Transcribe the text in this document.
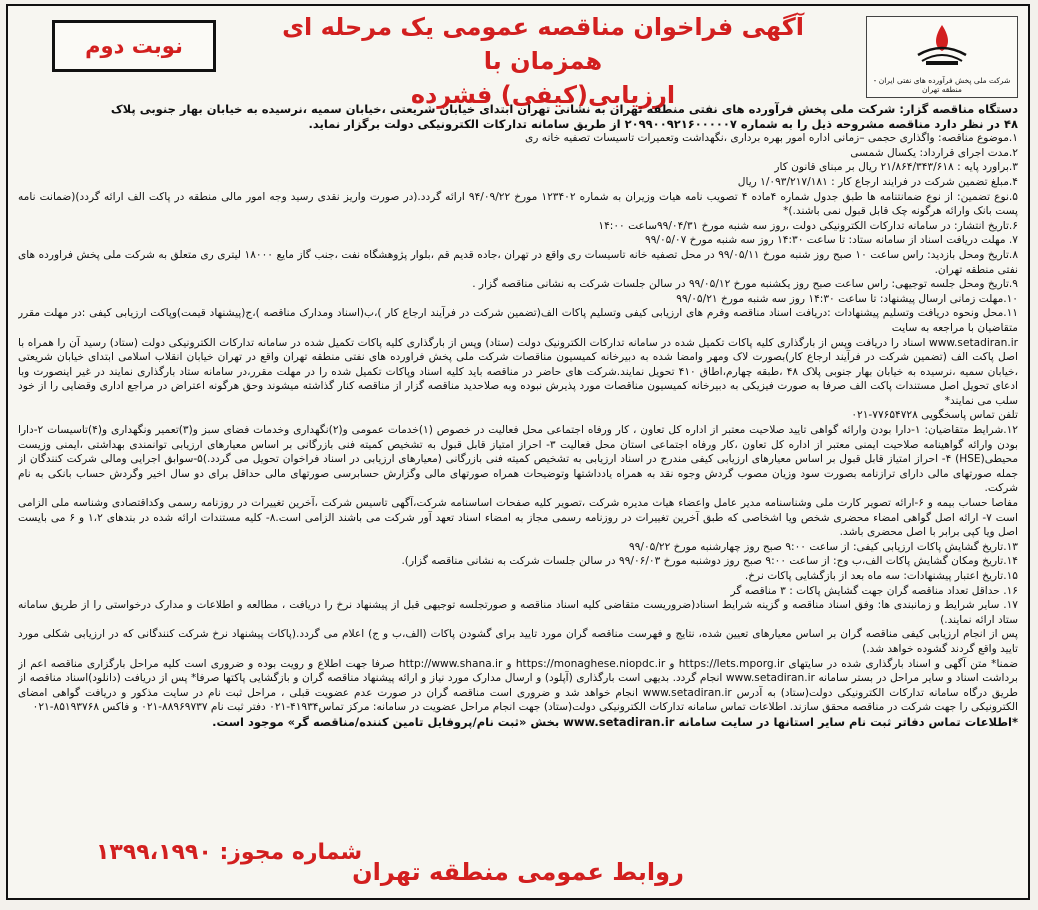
شرکت ملی پخش فرآورده های نفتی ایران - منطقه تهران
آگهی فراخوان مناقصه عمومی یک مرحله ای همزمان با
ارزیابی(کیفی) فشرده
نوبت دوم

دستگاه مناقصه گزار: شرکت ملی پخش فرآورده های نفتی منطقه تهران به نشانی تهران ابتدای خیابان شریعتی ،خیابان سمیه ،نرسیده به خیابان بهار جنوبی پلاک

۴۸ در نظر دارد مناقصه مشروحه ذیل را به شماره ۲۰۹۹۰۰۹۲۱۶۰۰۰۰۰۷ از طریق سامانه تدارکات الکترونیکی دولت برگزار نماید.

۱.موضوع مناقصه: واگذاری حجمی –زمانی اداره امور بهره برداری ،نگهداشت وتعمیرات تاسیسات تصفیه خانه ری

۲.مدت اجرای قرارداد: یکسال شمسی

۳.براورد پایه : ۲۱/۸۶۴/۳۴۳/۶۱۸ ریال بر مبنای قانون کار

۴.مبلغ تضمین شرکت در فرایند ارجاع کار : ۱/۰۹۳/۲۱۷/۱۸۱ ریال

۵.نوع تضمین: از نوع ضمانتنامه ها طبق جدول شماره ۴ماده ۴ تصویب نامه هیات وزیران به شماره ۱۲۳۴۰۲ مورخ ۹۴/۰۹/۲۲ ارائه گردد.(در صورت واریز نقدی رسید وجه امور مالی منطقه در پاکت الف ارائه گردد)(ضمانت نامه پست بانک وارائه هرگونه چک قابل قبول نمی باشند.)*

۶.تاریخ انتشار: در سامانه تدارکات الکترونیکی دولت ،روز سه شنبه مورخ ۹۹/۰۴/۳۱ساعت ۱۴:۰۰

۷. مهلت دریافت اسناد از سامانه ستاد: تا ساعت ۱۴:۳۰ روز سه شنبه مورخ ۹۹/۰۵/۰۷

۸.تاریخ ومحل بازدید: راس ساعت ۱۰ صبح روز شنبه مورخ ۹۹/۰۵/۱۱ در محل تصفیه خانه تاسیسات ری واقع در تهران ،جاده قدیم قم ،بلوار پژوهشگاه نفت ،جنب گاز مایع ۱۸۰۰۰ لیتری ری متعلق به شرکت ملی پخش فراورده های نفتی منطقه تهران.

۹.تاریخ ومحل جلسه توجیهی: راس ساعت صبح روز یکشنبه مورخ ۹۹/۰۵/۱۲ در سالن جلسات شرکت به نشانی مناقصه گزار .

۱۰.مهلت زمانی ارسال پیشنهاد: تا ساعت ۱۴:۳۰ روز سه شنبه مورخ ۹۹/۰۵/۲۱

۱۱.محل ونحوه دریافت وتسلیم پیشنهادات :دریافت اسناد مناقصه وفرم های ارزیابی کیفی وتسلیم پاکات الف(تضمین شرکت در فرآیند ارجاع کار )،ب(اسناد ومدارک مناقصه )،ج(پیشنهاد قیمت)وپاکت ارزیابی کیفی :در مهلت مقرر متقاضیان با مراجعه به سایت

www.setadiran.ir اسناد را دریافت وپس از بارگذاری کلیه پاکات تکمیل شده در سامانه تدارکات الکترونیک دولت (ستاد) وپس از بارگذاری کلیه پاکات تکمیل شده در سامانه تدارکات الکترونیکی دولت (ستاد) رسید آن را همراه با اصل پاکت الف (تضمین شرکت در فرآیند ارجاع کار)بصورت لاک ومهر وامضا شده به دبیرخانه کمیسیون مناقصات شرکت ملی پخش فراورده های نفتی منطقه تهران واقع در تهران خیابان انقلاب اسلامی ابتدای خیابان شریعتی ،خیابان سمیه ،نرسیده به خیابان بهار جنوبی پلاک ۴۸ ،طبقه چهارم،اطاق ۴۱۰ تحویل نمایند.شرکت های حاضر در مناقصه باید کلیه اسناد وپاکات تکمیل شده را در مهلت مقرر،در سامانه ستاد بارگذاری نمایند در غیر اینصورت وبا ادعای تحویل اصل مستندات پاکت الف صرفا به صورت فیزیکی به دبیرخانه کمیسیون مناقصات مورد پذیرش نبوده وبه صلاحدید مناقصه گزار از مناقصه کنار گذاشته میشوند وحق هرگونه اعتراض در مراجع اداری وقضایی را از خود سلب می نمایند*

تلفن تماس پاسخگویی ۷۷۶۵۴۷۲۸-۰۲۱

۱۲.شرایط متقاضیان: ۱-دارا بودن وارائه گواهی تایید صلاحیت معتبر از اداره کل تعاون ، کار ورفاه اجتماعی محل فعالیت در خصوص (۱)خدمات عمومی و(۲)نگهداری وخدمات فضای سبز و(۳)تعمیر ونگهداری و(۴)تاسیسات ۲-دارا بودن وارائه گواهینامه صلاحیت ایمنی معتبر از اداره کل تعاون ،کار ورفاه اجتماعی استان محل فعالیت ۳- احراز امتیاز قابل قبول به تشخیص کمیته فنی بازرگانی بر اساس معیارهای ارزیابی توانمندی بهداشتی ،ایمنی وزیست محیطی(HSE) ۴- احراز امتیاز قابل قبول بر اساس معیارهای ارزیابی کیفی مندرج در اسناد ارزیابی به تشخیص کمیته فنی بازرگانی (معیارهای ارزیابی در اسناد فراخوان تحویل می گردد.)۵-سوابق اجرایی ومالی شرکت کنندگان از جمله صورتهای مالی دارای ترازنامه بصورت سود وزیان مصوب گردش وجوه نقد به همراه یادداشتها وتوضیحات همراه صورتهای مالی وگزارش حسابرسی صورتهای مالی حداقل برای دو سال اخیر وگردش حساب بانکی به نام شرکت.

مفاصا حساب بیمه و ۶-ارائه تصویر کارت ملی وشناسنامه مدیر عامل واعضاء هیات مدیره شرکت ،تصویر کلیه صفحات اساسنامه شرکت،آگهی تاسیس شرکت ،آخرین تغییرات در روزنامه رسمی وکداقتصادی وشناسه ملی الزامی است ۷- ارائه اصل گواهی امضاء محضری شخص ویا اشخاصی که طبق آخرین تغییرات در روزنامه رسمی مجاز به امضاء اسناد تعهد آور شرکت می باشند الزامی است.۸- کلیه مستندات ارائه شده در بندهای ۱،۲ و ۶ می بایست اصل ویا کپی برابر با اصل محضری باشد.

۱۳.تاریخ گشایش پاکات ارزیابی کیفی: از ساعت ۹:۰۰ صبح روز چهارشنبه مورخ ۹۹/۰۵/۲۲

۱۴.تاریخ ومکان گشایش پاکات الف،ب وج: از ساعت ۹:۰۰ صبح روز دوشنبه مورخ ۹۹/۰۶/۰۳ در سالن جلسات شرکت به نشانی مناقصه گزار).

۱۵.تاریخ اعتبار پیشنهادات: سه ماه بعد از بازگشایی پاکات نرخ.

۱۶. حداقل تعداد مناقصه گران جهت گشایش پاکات : ۳ مناقصه گر

۱۷. سایر شرایط و زمانبندی ها: وفق اسناد مناقصه و گزینه شرایط اسناد(ضروریست متقاضی کلیه اسناد مناقصه و صورتجلسه توجیهی قبل از پیشنهاد نرخ را دریافت ، مطالعه و اطلاعات و مدارک درخواستی را از طریق سامانه ستاد ارائه نمایند.)

پس از انجام ارزیابی کیفی مناقصه گران بر اساس معیارهای تعیین شده، نتایج و فهرست مناقصه گران مورد تایید برای گشودن پاکات (الف،ب و ج) اعلام می گردد.(پاکات پیشنهاد نرخ شرکت کنندگانی که در ارزیابی شکلی مورد تایید واقع گردند گشوده خواهد شد.)

ضمنا* متن آگهی و اسناد بارگذاری شده در سایتهای https://lets.mporg.ir و https://monaghese.niopdc.ir و http://www.shana.ir صرفا جهت اطلاع و رویت بوده و ضروری است کلیه مراحل بارگزاری مناقصه اعم از برداشت اسناد و سایر مراحل در بستر سامانه www.setadiran.ir انجام گردد. بدیهی است بارگذاری (آپلود) و ارسال مدارک مورد نیاز و ارائه پیشنهاد مناقصه گران و بازگشایی پاکتها صرفا* پس از دریافت (دانلود)اسناد مناقصه از طریق درگاه سامانه تدارکات الکترونیکی دولت(ستاد) به آدرس www.setadiran.ir انجام خواهد شد و ضروری است مناقصه گران در صورت عدم عضویت قبلی ، مراحل ثبت نام در سایت مذکور و دریافت گواهی امضای الکترونیکی را جهت شرکت در مناقصه محقق سازند. اطلاعات تماس سامانه تدارکات الکترونیکی دولت(ستاد) جهت انجام مراحل عضویت در سامانه: مرکز تماس۴۱۹۳۴-۰۲۱ دفتر ثبت نام ۸۸۹۶۹۷۳۷-۰۲۱ و فاکس ۸۵۱۹۳۷۶۸-۰۲۱

*اطلاعات تماس دفاتر ثبت نام سایر استانها در سایت سامانه www.setadiran.ir بخش «ثبت نام/پروفایل تامین کننده/مناقصه گر» موجود است.

شماره مجوز: ۱۳۹۹،۱۹۹۰
روابط عمومی منطقه تهران
